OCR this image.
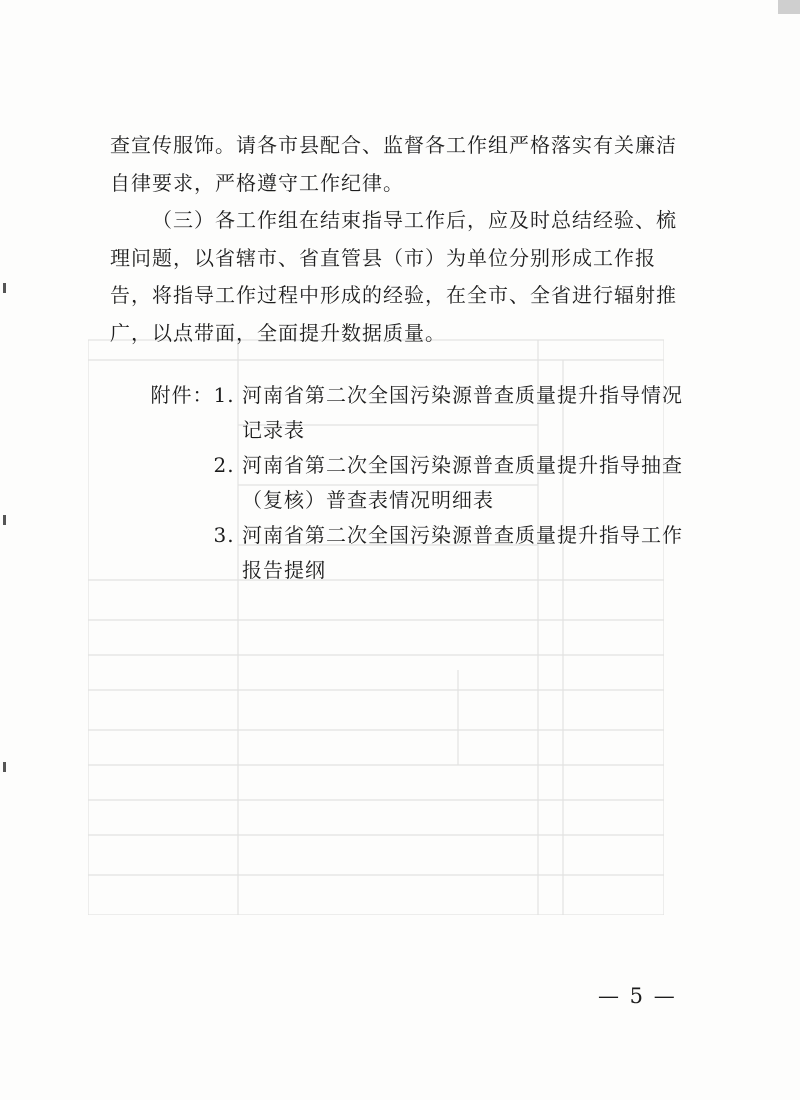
查宣传服饰。请各市县配合、监督各工作组严格落实有关廉洁自律要求，严格遵守工作纪律。

（三）各工作组在结束指导工作后，应及时总结经验、梳理问题，以省辖市、省直管县（市）为单位分别形成工作报告，将指导工作过程中形成的经验，在全市、全省进行辐射推广，以点带面，全面提升数据质量。

附件：1. 河南省第二次全国污染源普查质量提升指导情况记录表
2. 河南省第二次全国污染源普查质量提升指导抽查（复核）普查表情况明细表
3. 河南省第二次全国污染源普查质量提升指导工作报告提纲
— 5 —
